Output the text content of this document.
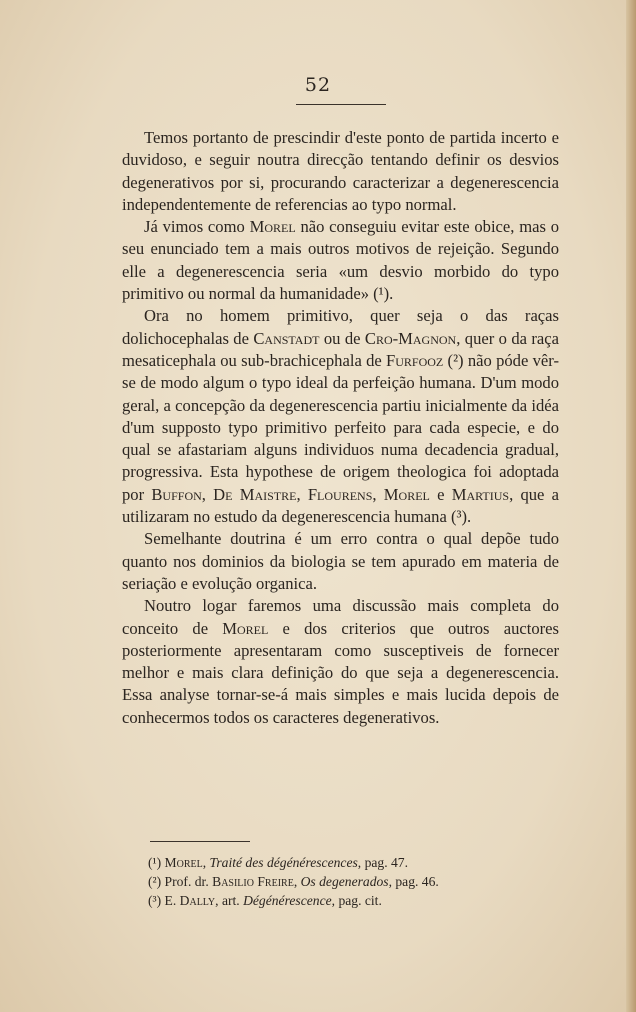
52

Temos portanto de prescindir d'este ponto de partida incerto e duvidoso, e seguir noutra direcção tentando definir os desvios degenerativos por si, procurando caracterizar a degenerescencia independentemente de referencias ao typo normal.

Já vimos como Morel não conseguiu evitar este obice, mas o seu enunciado tem a mais outros motivos de rejeição. Segundo elle a degenerescencia seria «um desvio morbido do typo primitivo ou normal da humanidade» (¹).

Ora no homem primitivo, quer seja o das raças dolichocephalas de Canstadt ou de Cro-Magnon, quer o da raça mesaticephala ou sub-brachicephala de Furfooz (²) não póde vêr-se de modo algum o typo ideal da perfeição humana. D'um modo geral, a concepção da degenerescencia partiu inicialmente da idéa d'um supposto typo primitivo perfeito para cada especie, e do qual se afastariam alguns individuos numa decadencia gradual, progressiva. Esta hypothese de origem theologica foi adoptada por Buffon, De Maistre, Flourens, Morel e Martius, que a utilizaram no estudo da degenerescencia humana (³).

Semelhante doutrina é um erro contra o qual depõe tudo quanto nos dominios da biologia se tem apurado em materia de seriação e evolução organica.

Noutro logar faremos uma discussão mais completa do conceito de Morel e dos criterios que outros auctores posteriormente apresentaram como susceptiveis de fornecer melhor e mais clara definição do que seja a degenerescencia. Essa analyse tornar-se-á mais simples e mais lucida depois de conhecermos todos os caracteres degenerativos.

(¹) Morel, Traité des dégénérescences, pag. 47.
(²) Prof. dr. Basilio Freire, Os degenerados, pag. 46.
(³) E. Dally, art. Dégénérescence, pag. cit.
